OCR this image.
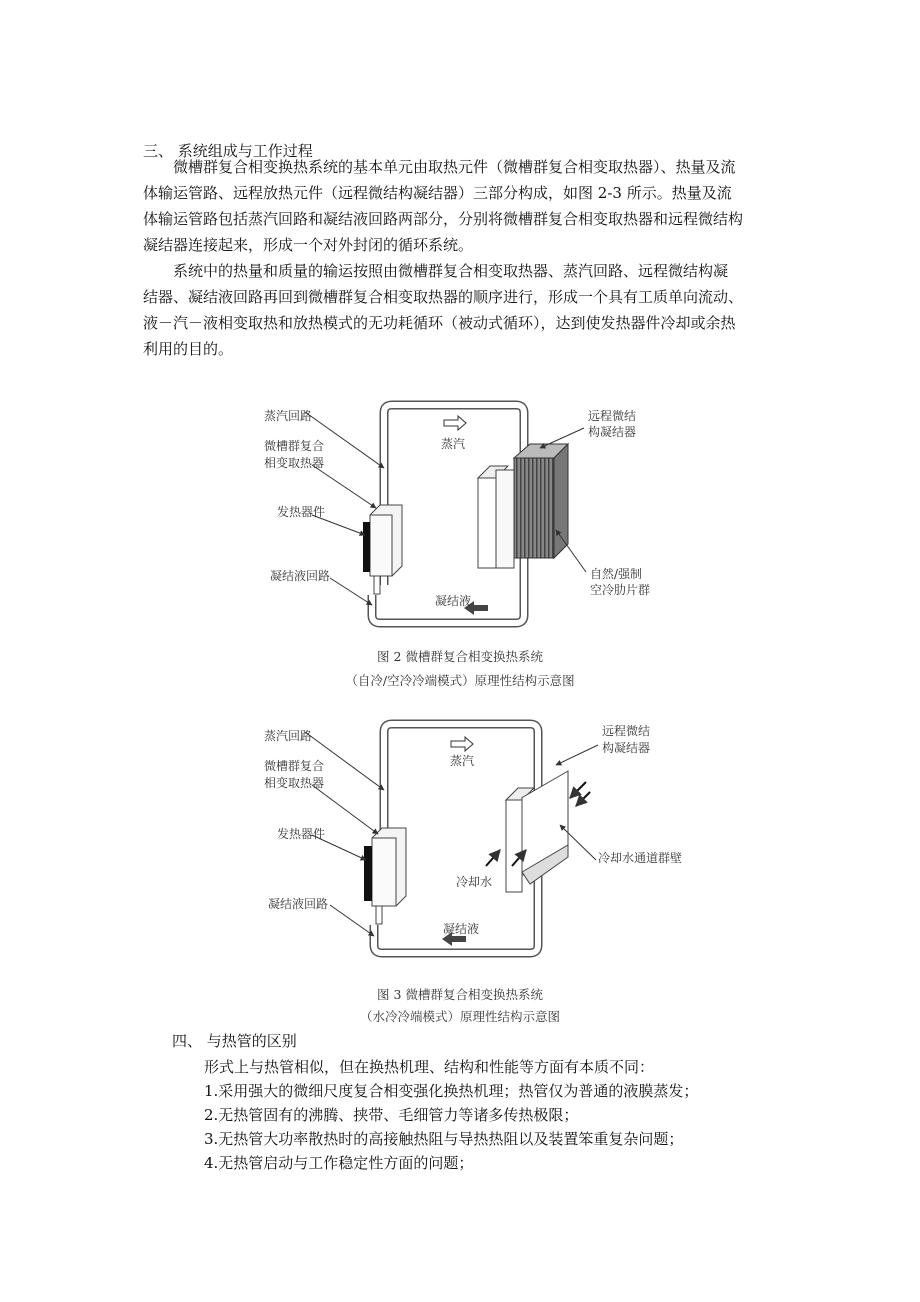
三、 系统组成与工作过程
微槽群复合相变换热系统的基本单元由取热元件（微槽群复合相变取热器）、热量及流
体输运管路、远程放热元件（远程微结构凝结器）三部分构成，如图 2-3 所示。热量及流
体输运管路包括蒸汽回路和凝结液回路两部分，分别将微槽群复合相变取热器和远程微结构
凝结器连接起来，形成一个对外封闭的循环系统。
系统中的热量和质量的输运按照由微槽群复合相变取热器、蒸汽回路、远程微结构凝
结器、凝结液回路再回到微槽群复合相变取热器的顺序进行，形成一个具有工质单向流动、
液－汽－液相变取热和放热模式的无功耗循环（被动式循环），达到使发热器件冷却或余热
利用的目的。
蒸汽回路
微槽群复合
相变取热器
发热器件
凝结液回路
蒸汽
凝结液
远程微结
构凝结器
自然/强制
空冷肋片群
蒸汽回路
微槽群复合
相变取热器
发热器件
凝结液回路
蒸汽
凝结液
远程微结
构凝结器
冷却水
冷却水通道群壁
图 2 微槽群复合相变换热系统
（自冷/空冷冷端模式）原理性结构示意图
图 3 微槽群复合相变换热系统
（水冷冷端模式）原理性结构示意图
四、 与热管的区别
形式上与热管相似，但在换热机理、结构和性能等方面有本质不同：
1.采用强大的微细尺度复合相变强化换热机理；热管仅为普通的液膜蒸发；
2.无热管固有的沸腾、挟带、毛细管力等诸多传热极限；
3.无热管大功率散热时的高接触热阻与导热热阻以及装置笨重复杂问题；
4.无热管启动与工作稳定性方面的问题；
